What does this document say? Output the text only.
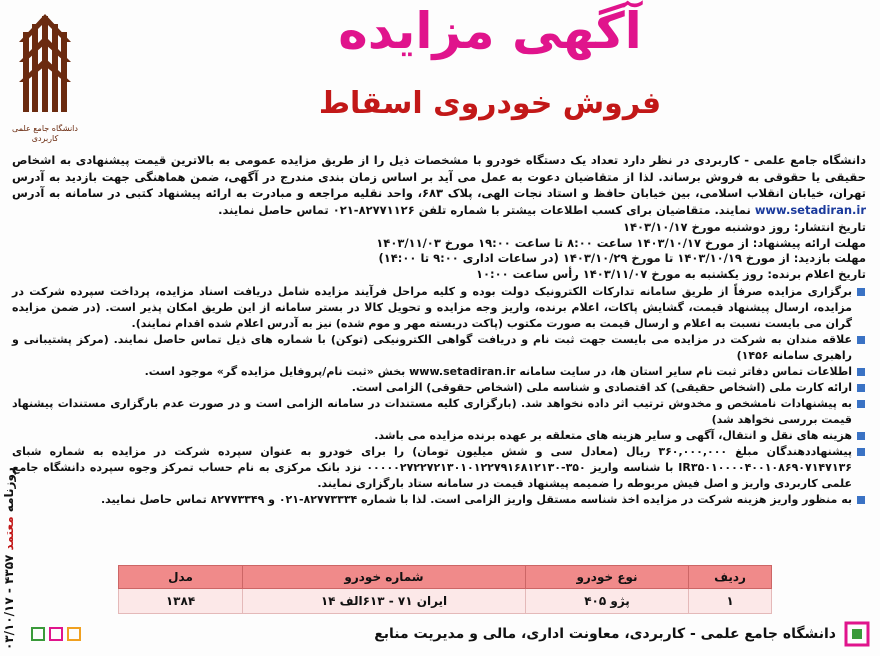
دانشگاه جامع علمی کاربردی
آگهی مزایده
فروش خودروی اسقاط

دانشگاه جامع علمی - کاربردی در نظر دارد تعداد یک دستگاه خودرو با مشخصات ذیل را از طریق مزایده عمومی به بالاترین قیمت پیشنهادی به اشخاص حقیقی یا حقوقی به فروش برساند. لذا از متقاضیان دعوت به عمل می آید بر اساس زمان بندی مندرج در آگهی، ضمن هماهنگی جهت بازدید به آدرس تهران، خیابان انقلاب اسلامی، بین خیابان حافظ و استاد نجات الهی، پلاک ۶۸۳، واحد نقلیه مراجعه و مبادرت به ارائه پیشنهاد کتبی در سامانه به آدرس www.setadiran.ir نمایند. متقاضیان برای کسب اطلاعات بیشتر با شماره تلفن ۸۲۷۷۱۱۲۶-۰۲۱ تماس حاصل نمایند.

تاریخ انتشار: روز دوشنبه مورخ ۱۴۰۳/۱۰/۱۷
مهلت ارائه پیشنهاد: از مورخ ۱۴۰۳/۱۰/۱۷ ساعت ۸:۰۰ تا ساعت ۱۹:۰۰ مورخ ۱۴۰۳/۱۱/۰۳
مهلت بازدید: از مورخ ۱۴۰۳/۱۰/۱۹ تا مورخ ۱۴۰۳/۱۰/۲۹ (در ساعات اداری ۹:۰۰ تا ۱۴:۰۰)
تاریخ اعلام برنده: روز یکشنبه به مورخ ۱۴۰۳/۱۱/۰۷ رأس ساعت ۱۰:۰۰
برگزاری مزایده صرفاً از طریق سامانه تدارکات الکترونیک دولت بوده و کلیه مراحل فرآیند مزایده شامل دریافت اسناد مزایده، پرداخت سپرده شرکت در مزایده، ارسال پیشنهاد قیمت، گشایش پاکات، اعلام برنده، واریز وجه مزایده و تحویل کالا در بستر سامانه از این طریق امکان پذیر است. (در ضمن مزایده گران می بایست نسبت به اعلام و ارسال قیمت به صورت مکتوب (پاکت دربسته مهر و موم شده) نیز به آدرس اعلام شده اقدام نمایند).
علاقه مندان به شرکت در مزایده می بایست جهت ثبت نام و دریافت گواهی الکترونیکی (توکن) با شماره های ذیل تماس حاصل نمایند. (مرکز پشتیبانی و راهبری سامانه ۱۴۵۶)
اطلاعات تماس دفاتر ثبت نام سایر استان ها، در سایت سامانه www.setadiran.ir بخش «ثبت نام/پروفایل مزایده گر» موجود است.
ارائه کارت ملی (اشخاص حقیقی) کد اقتصادی و شناسه ملی (اشخاص حقوقی) الزامی است.
به پیشنهادات نامشخص و مخدوش ترتیب اثر داده نخواهد شد. (بارگزاری کلیه مستندات در سامانه الزامی است و در صورت عدم بارگزاری مستندات پیشنهاد قیمت بررسی نخواهد شد)
هزینه های نقل و انتقال، آگهی و سایر هزینه های متعلقه بر عهده برنده مزایده می باشد.
پیشنهاددهندگان مبلغ ۳۶۰,۰۰۰,۰۰۰ ریال (معادل سی و شش میلیون تومان) را برای خودرو به عنوان سپرده شرکت در مزایده به شماره شبای IR۳۵۰۱۰۰۰۰۴۰۰۱۰۸۶۹۰۷۱۴۷۱۳۶ با شناسه واریز ۳۵۰-۰۰۰۰۰۲۷۲۲۷۲۱۳۰۱۰۱۲۲۷۹۱۶۸۱۲۱۳۰ نزد بانک مرکزی به نام حساب تمرکز وجوه سپرده دانشگاه جامع علمی کاربردی واریز و اصل فیش مربوطه را ضمیمه پیشنهاد قیمت در سامانه ستاد بارگزاری نمایند.
به منظور واریز هزینه شرکت در مزایده اخذ شناسه مستقل واریز الزامی است. لذا با شماره ۸۲۷۷۳۳۳۴-۰۲۱ و ۸۲۷۷۳۳۴۹ تماس حاصل نمایید.
ردیف	نوع خودرو	شماره خودرو	مدل
۱	پژو ۴۰۵	ایران ۷۱ - ۶۱۳الف ۱۴	۱۳۸۴
دانشگاه جامع علمی - کاربردی، معاونت اداری، مالی و مدیریت منابع
روزنامه معتمد ۴۳۵۷ - ۰۳/۱۰/۱۷
